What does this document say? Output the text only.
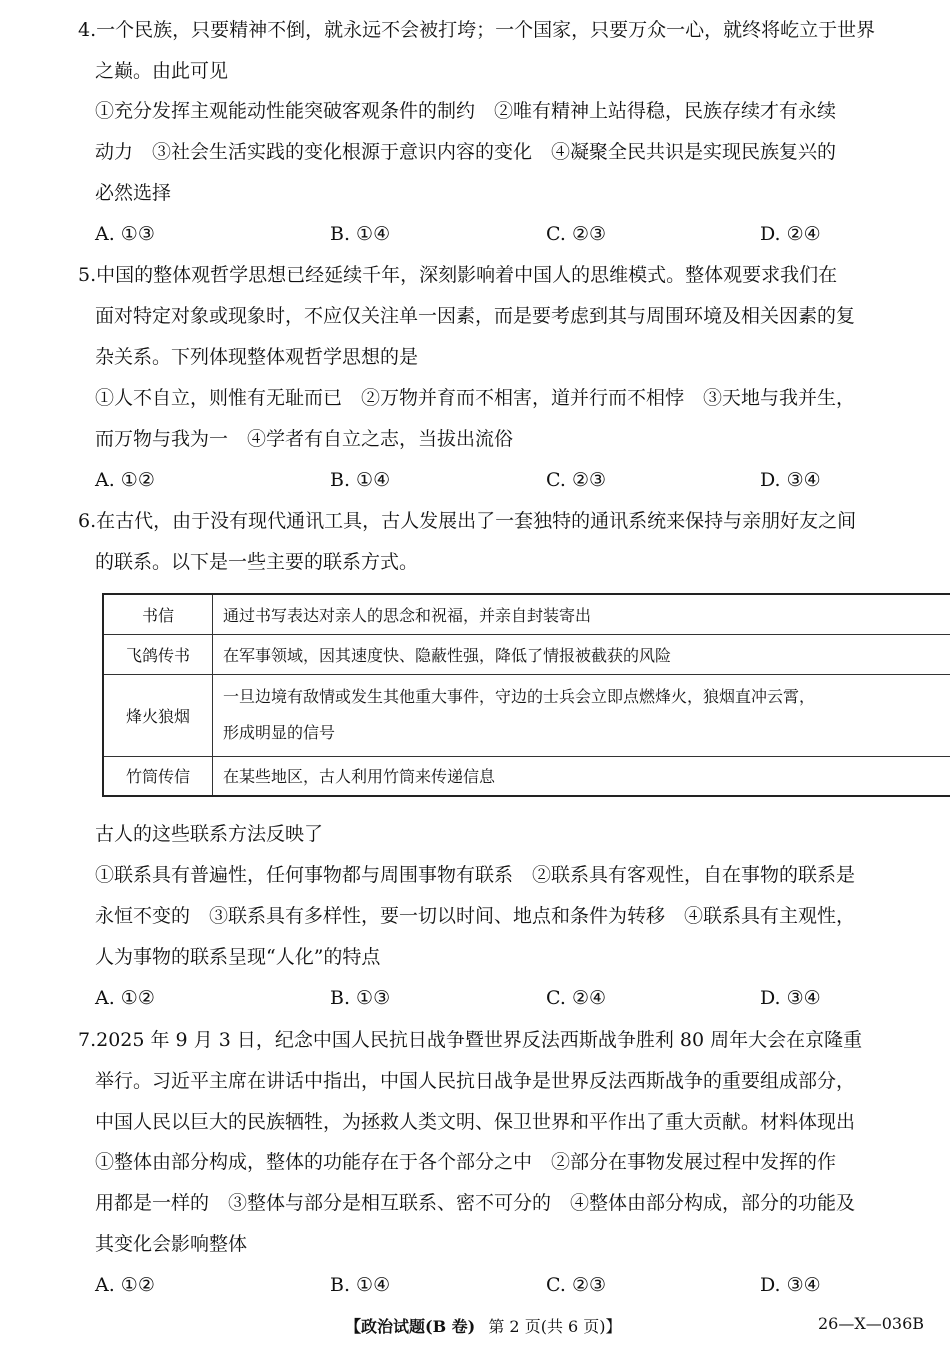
4.一个民族，只要精神不倒，就永远不会被打垮；一个国家，只要万众一心，就终将屹立于世界
之巅。由此可见
①充分发挥主观能动性能突破客观条件的制约　②唯有精神上站得稳，民族存续才有永续
动力　③社会生活实践的变化根源于意识内容的变化　④凝聚全民共识是实现民族复兴的
必然选择
A. ①③	B. ①④	C. ②③	D. ②④
5.中国的整体观哲学思想已经延续千年，深刻影响着中国人的思维模式。整体观要求我们在
面对特定对象或现象时，不应仅关注单一因素，而是要考虑到其与周围环境及相关因素的复
杂关系。下列体现整体观哲学思想的是
①人不自立，则惟有无耻而已　②万物并育而不相害，道并行而不相悖　③天地与我并生，
而万物与我为一　④学者有自立之志，当拔出流俗
A. ①②	B. ①④	C. ②③	D. ③④
6.在古代，由于没有现代通讯工具，古人发展出了一套独特的通讯系统来保持与亲朋好友之间
的联系。以下是一些主要的联系方式。
书信	通过书写表达对亲人的思念和祝福，并亲自封装寄出
飞鸽传书	在军事领域，因其速度快、隐蔽性强，降低了情报被截获的风险
烽火狼烟	一旦边境有敌情或发生其他重大事件，守边的士兵会立即点燃烽火，狼烟直冲云霄，
形成明显的信号
竹筒传信	在某些地区，古人利用竹筒来传递信息
古人的这些联系方法反映了
①联系具有普遍性，任何事物都与周围事物有联系　②联系具有客观性，自在事物的联系是
永恒不变的　③联系具有多样性，要一切以时间、地点和条件为转移　④联系具有主观性，
人为事物的联系呈现“人化”的特点
A. ①②	B. ①③	C. ②④	D. ③④
7.2025 年 9 月 3 日，纪念中国人民抗日战争暨世界反法西斯战争胜利 80 周年大会在京隆重
举行。习近平主席在讲话中指出，中国人民抗日战争是世界反法西斯战争的重要组成部分，
中国人民以巨大的民族牺牲，为拯救人类文明、保卫世界和平作出了重大贡献。材料体现出
①整体由部分构成，整体的功能存在于各个部分之中　②部分在事物发展过程中发挥的作
用都是一样的　③整体与部分是相互联系、密不可分的　④整体由部分构成，部分的功能及
其变化会影响整体
A. ①②	B. ①④	C. ②③	D. ③④
【政治试题(B 卷) 第 2 页(共 6 页)】	26—X—036B
